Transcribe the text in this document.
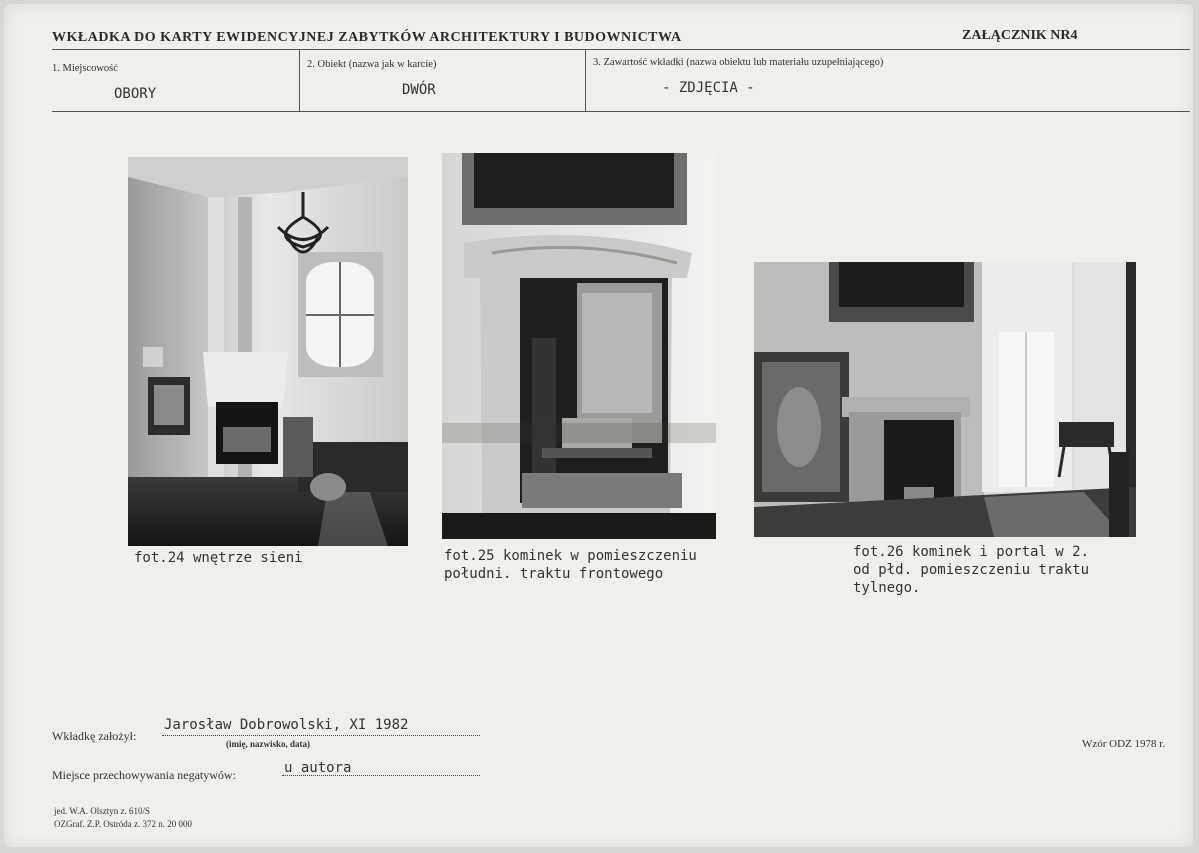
WKŁADKA DO KARTY EWIDENCYJNEJ ZABYTKÓW ARCHITEKTURY I BUDOWNICTWA	ZAŁĄCZNIK NR4
1. Miejscowość
OBORY
2. Obiekt (nazwa jak w karcie)
DWÓR
3. Zawartość wkładki (nazwa obiektu lub materiału uzupełniającego)
- ZDJĘCIA -
fot.24 wnętrze sieni	fot.25 kominek w pomieszczeniu
południ. traktu frontowego
fot.26 kominek i portal w 2.
od płd. pomieszczeniu traktu
tylnego.
Wkładkę założył:
Jarosław Dobrowolski, XI 1982
(imię, nazwisko, data)
Miejsce przechowywania negatywów:	u autora
Wzór ODZ 1978 r.
jed. W.A. Olsztyn z. 610/S
OZGraf. Z.P. Ostróda z. 372 n. 20 000
